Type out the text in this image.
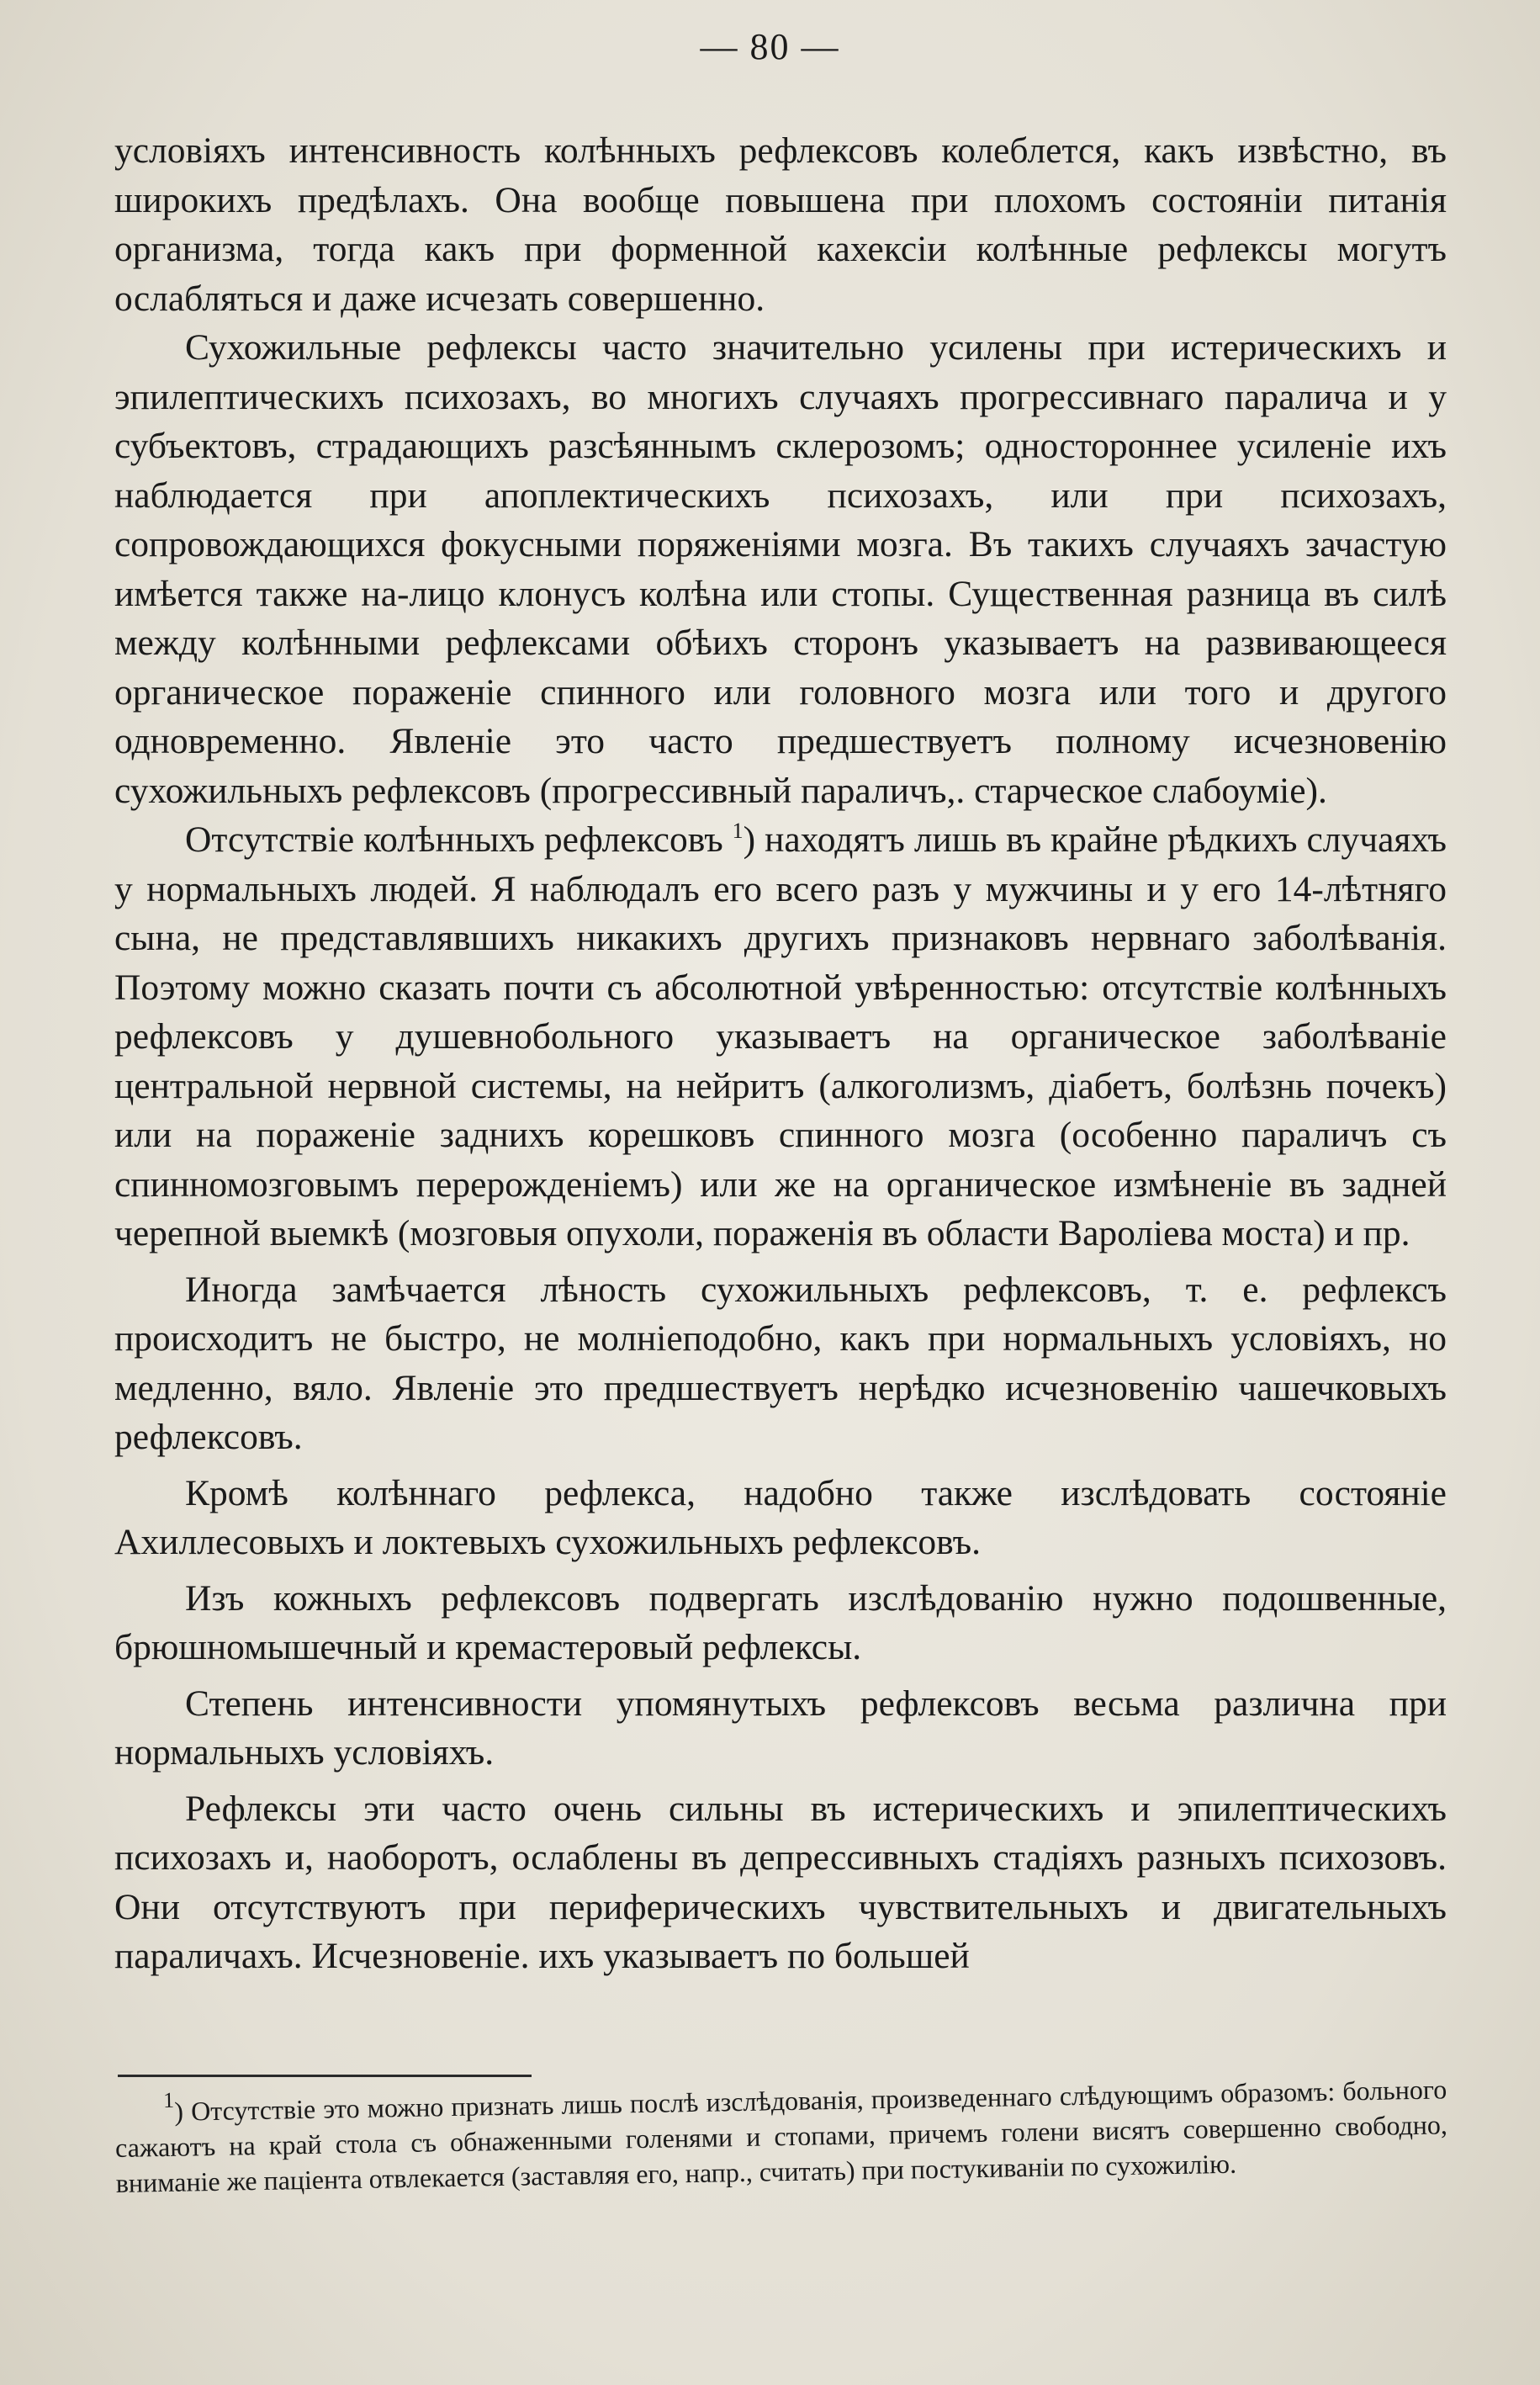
— 80 —

условіяхъ интенсивность колѣнныхъ рефлексовъ колеблется, какъ извѣстно, въ широкихъ предѣлахъ. Она вообще повышена при плохомъ состояніи питанія организма, тогда какъ при форменной кахексіи колѣнные рефлексы могутъ ослабляться и даже исчезать совершенно.

Сухожильные рефлексы часто значительно усилены при истерическихъ и эпилептическихъ психозахъ, во многихъ случаяхъ прогрессивнаго паралича и у субъектовъ, страдающихъ разсѣяннымъ склерозомъ; одностороннее усиленіе ихъ наблюдается при апоплектическихъ психозахъ, или при психозахъ, сопровождающихся фокусными поряженіями мозга. Въ такихъ случаяхъ зачастую имѣется также на-лицо клонусъ колѣна или стопы. Существенная разница въ силѣ между колѣнными рефлексами обѣихъ сторонъ указываетъ на развивающееся органическое пораженіе спинного или головного мозга или того и другого одновременно. Явленіе это часто предшествуетъ полному исчезновенію сухожильныхъ рефлексовъ (прогрессивный параличъ,. старческое слабоуміе).

Отсутствіе колѣнныхъ рефлексовъ $^1$) находятъ лишь въ крайне рѣдкихъ случаяхъ у нормальныхъ людей. Я наблюдалъ его всего разъ у мужчины и у его 14-лѣтняго сына, не представлявшихъ никакихъ другихъ признаковъ нервнаго заболѣванія. Поэтому можно сказать почти съ абсолютной увѣренностью: отсутствіе колѣнныхъ рефлексовъ у душевнобольного указываетъ на органическое заболѣваніе центральной нервной системы, на нейритъ (алкоголизмъ, діабетъ, болѣзнь почекъ) или на пораженіе заднихъ корешковъ спинного мозга (особенно параличъ съ спинномозговымъ перерожденіемъ) или же на органическое измѣненіе въ задней черепной выемкѣ (мозговыя опухоли, пораженія въ области Вароліева моста) и пр.

Иногда замѣчается лѣность сухожильныхъ рефлексовъ, т. е. рефлексъ происходитъ не быстро, не молніеподобно, какъ при нормальныхъ условіяхъ, но медленно, вяло. Явленіе это предшествуетъ нерѣдко исчезновенію чашечковыхъ рефлексовъ.

Кромѣ колѣннаго рефлекса, надобно также изслѣдовать состояніе Ахиллесовыхъ и локтевыхъ сухожильныхъ рефлексовъ.

Изъ кожныхъ рефлексовъ подвергать изслѣдованію нужно подошвенные, брюшномышечный и кремастеровый рефлексы.

Степень интенсивности упомянутыхъ рефлексовъ весьма различна при нормальныхъ условіяхъ.

Рефлексы эти часто очень сильны въ истерическихъ и эпилептическихъ психозахъ и, наоборотъ, ослаблены въ депрессивныхъ стадіяхъ разныхъ психозовъ. Они отсутствуютъ при периферическихъ чувствительныхъ и двигательныхъ параличахъ. Исчезновеніе. ихъ указываетъ по большей

$^1$) Отсутствіе это можно признать лишь послѣ изслѣдованія, произведеннаго слѣдующимъ образомъ: больного сажаютъ на край стола съ обнаженными голенями и стопами, причемъ голени висятъ совершенно свободно, вниманіе же паціента отвлекается (заставляя его, напр., считать) при постукиваніи по сухожилію.
